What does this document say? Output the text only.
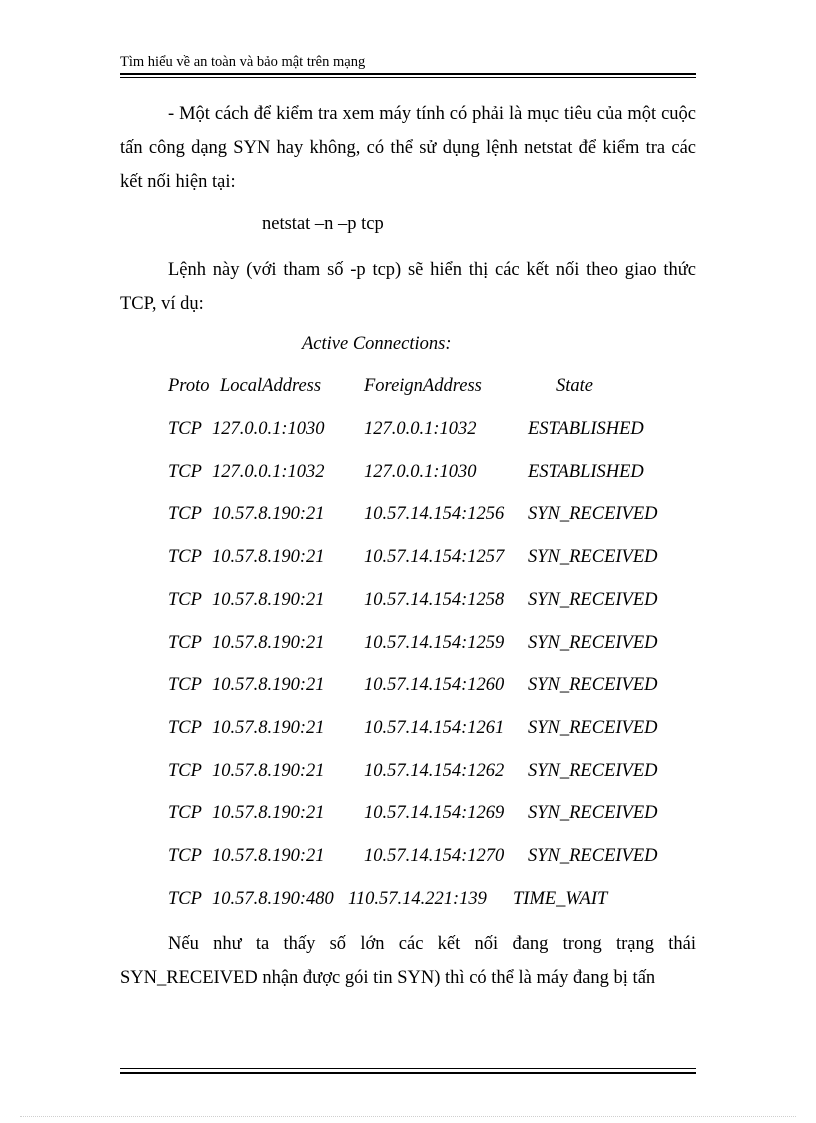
Tìm hiểu về an toàn và bảo mật trên mạng
- Một cách để kiểm tra xem máy tính có phải là mục tiêu của một cuộc tấn công dạng SYN hay không, có thể sử dụng lệnh netstat để kiểm tra các kết nối hiện tại:
netstat –n –p tcp
Lệnh này (với tham số -p tcp) sẽ hiển thị các kết nối theo giao thức TCP, ví dụ:
Active Connections:
Proto LocalAddress ForeignAddress	State
TCP 127.0.0.1:1030 127.0.0.1:1032	ESTABLISHED
TCP 127.0.0.1:1032 127.0.0.1:1030	ESTABLISHED
TCP 10.57.8.190:21 10.57.14.154:1256 SYN_RECEIVED
TCP 10.57.8.190:21 10.57.14.154:1257 SYN_RECEIVED
TCP 10.57.8.190:21 10.57.14.154:1258 SYN_RECEIVED
TCP 10.57.8.190:21 10.57.14.154:1259 SYN_RECEIVED
TCP 10.57.8.190:21 10.57.14.154:1260 SYN_RECEIVED
TCP 10.57.8.190:21 10.57.14.154:1261 SYN_RECEIVED
TCP 10.57.8.190:21 10.57.14.154:1262 SYN_RECEIVED
TCP 10.57.8.190:21 10.57.14.154:1269 SYN_RECEIVED
TCP 10.57.8.190:21 10.57.14.154:1270 SYN_RECEIVED
TCP 10.57.8.190:480 110.57.14.221:139 TIME_WAIT
Nếu như ta thấy số lớn các kết nối đang trong trạng thái SYN_RECEIVED nhận được gói tin SYN) thì có thể là máy đang bị tấn
